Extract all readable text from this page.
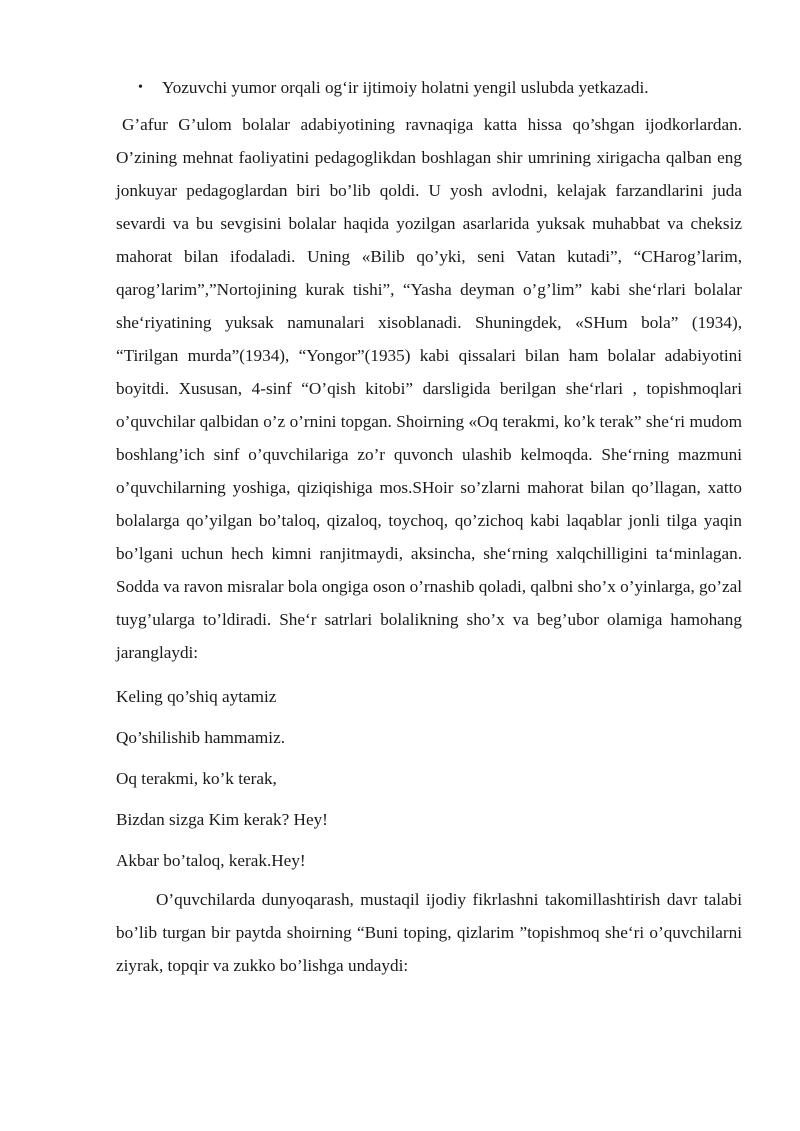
• Yozuvchi yumor orqali og‘ir ijtimoiy holatni yengil uslubda yetkazadi.

G’afur G’ulom bolalar adabiyotining ravnaqiga katta hissa qo’shgan ijodkorlardan. O’zining mehnat faoliyatini pedagoglikdan boshlagan shir umrining xirigacha qalban eng jonkuyar pedagoglardan biri bo’lib qoldi. U yosh avlodni, kelajak farzandlarini juda sevardi va bu sevgisini bolalar haqida yozilgan asarlarida yuksak muhabbat va cheksiz mahorat bilan ifodaladi. Uning «Bilib qo’yki, seni Vatan kutadi”, “CHarog’larim, qarog’larim”,”Nortojining kurak tishi”, “Yasha deyman o’g’lim” kabi she‘rlari bolalar she‘riyatining yuksak namunalari xisoblanadi. Shuningdek, «SHum bola” (1934), “Tirilgan murda”(1934), “Yongor”(1935) kabi qissalari bilan ham bolalar adabiyotini boyitdi. Xususan, 4-sinf “O’qish kitobi” darsligida berilgan she‘rlari , topishmoqlari o’quvchilar qalbidan o’z o’rnini topgan. Shoirning «Oq terakmi, ko’k terak” she‘ri mudom boshlang’ich sinf o’quvchilariga zo’r quvonch ulashib kelmoqda. She‘rning mazmuni o’quvchilarning yoshiga, qiziqishiga mos.SHoir so’zlarni mahorat bilan qo’llagan, xatto bolalarga qo’yilgan bo’taloq, qizaloq, toychoq, qo’zichoq kabi laqablar jonli tilga yaqin bo’lgani uchun hech kimni ranjitmaydi, aksincha, she‘rning xalqchilligini ta‘minlagan. Sodda va ravon misralar bola ongiga oson o’rnashib qoladi, qalbni sho’x o’yinlarga, go’zal tuyg’ularga to’ldiradi. She‘r satrlari bolalikning sho’x va beg’ubor olamiga hamohang jaranglaydi:

Keling qo’shiq aytamiz

Qo’shilishib hammamiz.

Oq terakmi, ko’k terak,

Bizdan sizga Kim kerak? Hey!

Akbar bo’taloq, kerak.Hey!

O’quvchilarda dunyoqarash, mustaqil ijodiy fikrlashni takomillashtirish davr talabi bo’lib turgan bir paytda shoirning “Buni toping, qizlarim ”topishmoq she‘ri o’quvchilarni ziyrak, topqir va zukko bo’lishga undaydi:
